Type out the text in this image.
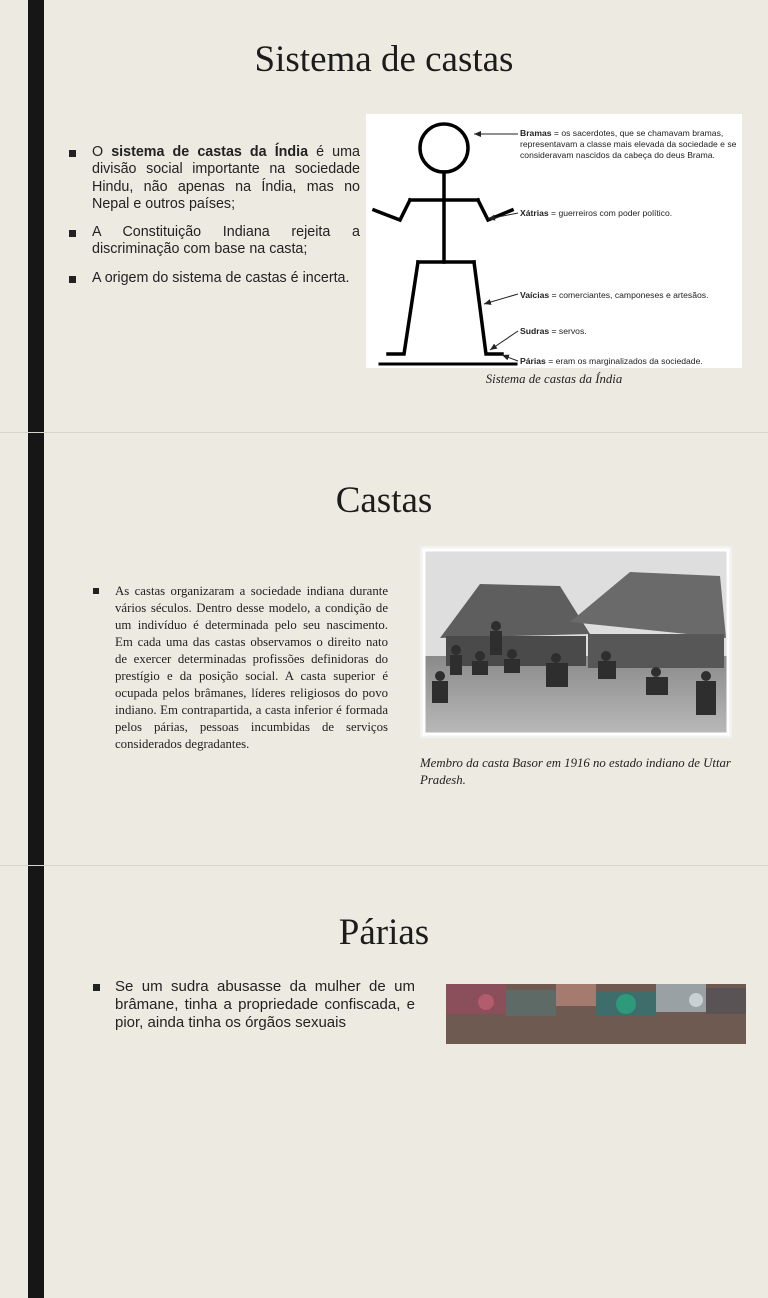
Sistema de castas
O sistema de castas da Índia é uma divisão social importante na sociedade Hindu, não apenas na Índia, mas no Nepal e outros países;
A Constituição Indiana rejeita a discriminação com base na casta;
A origem do sistema de castas é incerta.
Bramas = os sacerdotes, que se chamavam bramas, representavam a classe mais elevada da sociedade e se consideravam nascidos da cabeça do deus Brama.
Xátrias = guerreiros com poder político.
Vaícias = comerciantes, camponeses e artesãos.
Sudras = servos.
Párias = eram os marginalizados da sociedade.
Sistema de castas da Índia
Castas
As castas organizaram a sociedade indiana durante vários séculos. Dentro desse modelo, a condição de um indivíduo é determinada pelo seu nascimento. Em cada uma das castas observamos o direito nato de exercer determinadas profissões definidoras do prestígio e da posição social. A casta superior é ocupada pelos brâmanes, líderes religiosos do povo indiano. Em contrapartida, a casta inferior é formada pelos párias, pessoas incumbidas de serviços considerados degradantes.
Membro da casta Basor em 1916 no estado indiano de Uttar Pradesh.
Párias
Se um sudra abusasse da mulher de um brâmane, tinha a propriedade confiscada, e pior, ainda tinha os órgãos sexuais
